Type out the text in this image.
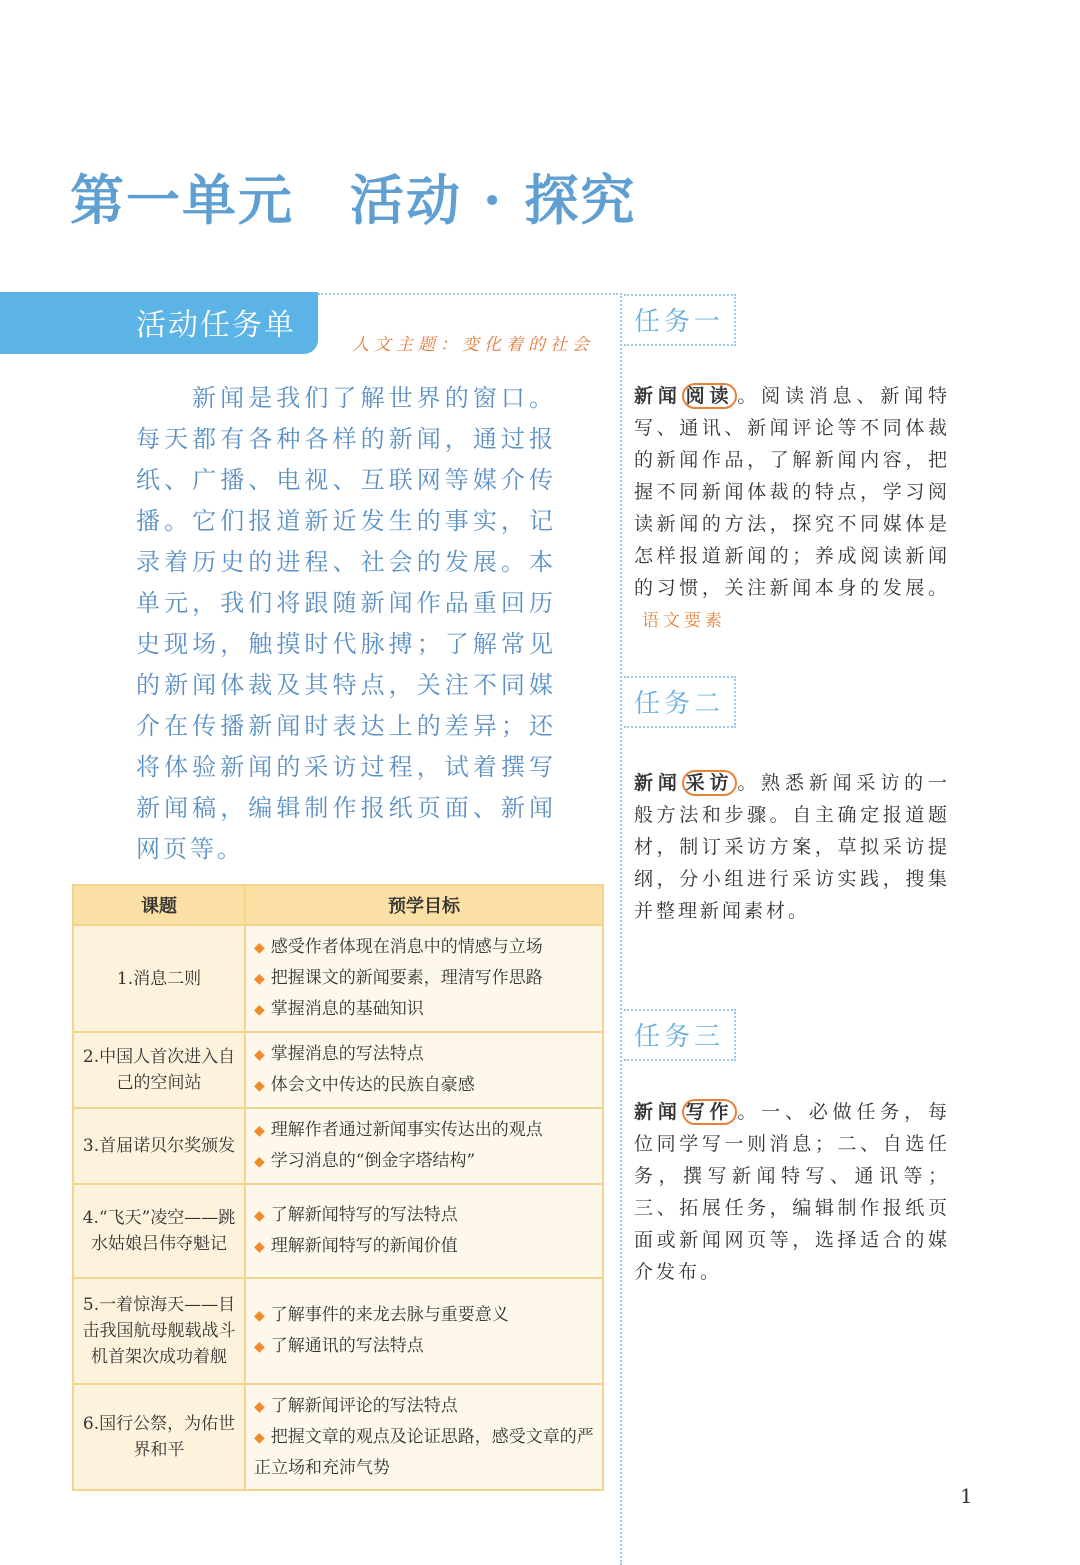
第一单元 活动 · 探究
活动任务单
人文主题：变化着的社会
新闻是我们了解世界的窗口。每天都有各种各样的新闻，通过报纸、广播、电视、互联网等媒介传播。它们报道新近发生的事实，记录着历史的进程、社会的发展。本单元，我们将跟随新闻作品重回历史现场，触摸时代脉搏；了解常见的新闻体裁及其特点，关注不同媒介在传播新闻时表达上的差异；还将体验新闻的采访过程，试着撰写新闻稿，编辑制作报纸页面、新闻网页等。
课题	预学目标
1.消息二则	◆ 感受作者体现在消息中的情感与立场
◆ 把握课文的新闻要素，理清写作思路
◆ 掌握消息的基础知识

2.中国人首次进入自己的空间站	◆ 掌握消息的写法特点
◆ 体会文中传达的民族自豪感

3.首届诺贝尔奖颁发	◆ 理解作者通过新闻事实传达出的观点
◆ 学习消息的“倒金字塔结构”

4.“飞天”凌空——跳水姑娘吕伟夺魁记	◆ 了解新闻特写的写法特点
◆ 理解新闻特写的新闻价值

5.一着惊海天——目击我国航母舰载战斗机首架次成功着舰	◆ 了解事件的来龙去脉与重要意义
◆ 了解通讯的写法特点

6.国行公祭，为佑世界和平	◆ 了解新闻评论的写法特点
◆ 把握文章的观点及论证思路，感受文章的严正立场和充沛气势
任务一
新闻 阅读 。阅读消息、新闻特写、通讯、新闻评论等不同体裁的新闻作品，了解新闻内容，把握不同新闻体裁的特点，学习阅读新闻的方法，探究不同媒体是怎样报道新闻的；养成阅读新闻的习惯，关注新闻本身的发展。语文要素
任务二
新闻 采访 。熟悉新闻采访的一般方法和步骤。自主确定报道题材，制订采访方案，草拟采访提纲，分小组进行采访实践，搜集并整理新闻素材。
任务三
新闻 写作 。一、必做任务，每位同学写一则消息；二、自选任务，撰写新闻特写、通讯等；三、拓展任务，编辑制作报纸页面或新闻网页等，选择适合的媒介发布。
1
